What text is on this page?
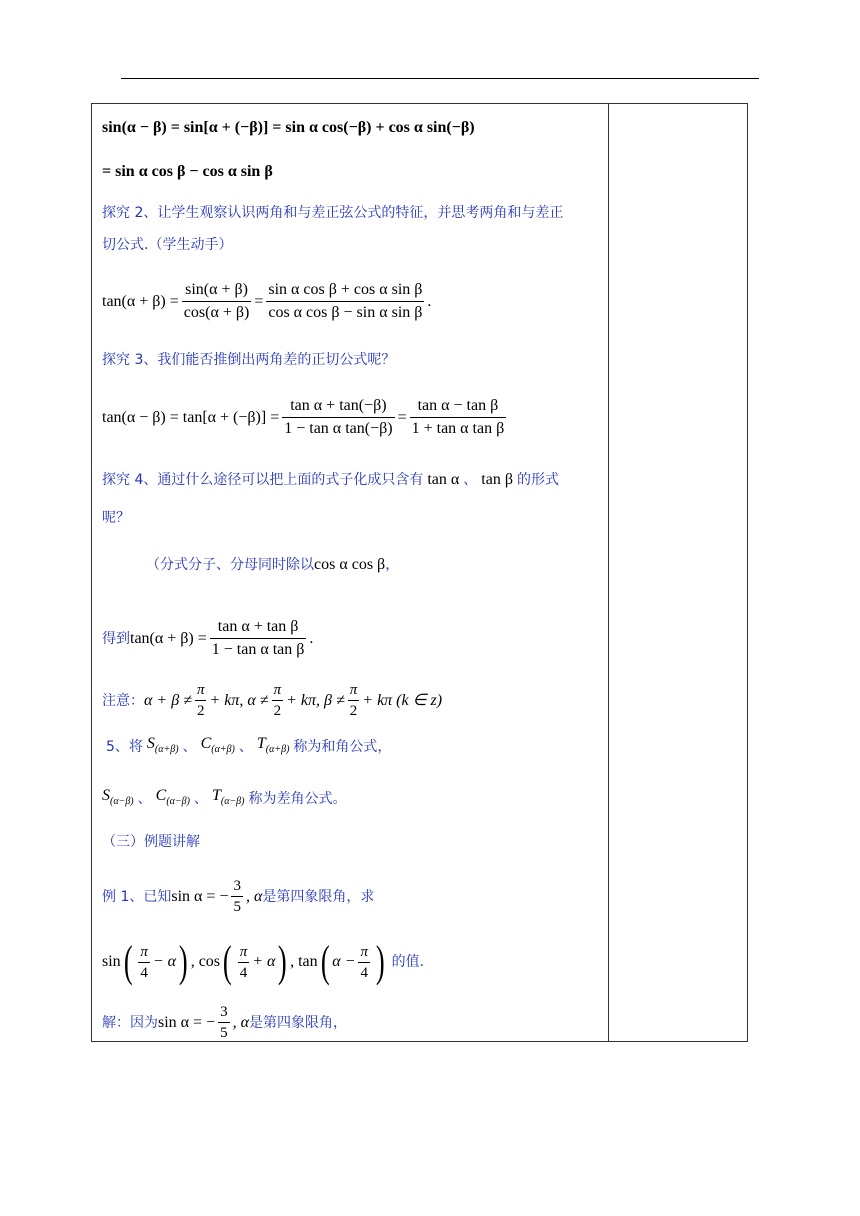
sin(α − β) = sin[α + (−β)] = sin α cos(−β) + cos α sin(−β)
= sin α cos β − cos α sin β
探究 2、让学生观察认识两角和与差正弦公式的特征，并思考两角和与差正
切公式.（学生动手）
$\tan(\alpha + \beta) = \frac{\sin(\alpha + \beta)}{\cos(\alpha + \beta)} = \frac{\text{sin α cos β + cos α sin β}}{\text{cos α cos β − sin α sin β}}$ .
探究 3、我们能否推倒出两角差的正切公式呢？
$\tan(\alpha - \beta) = \tan[\alpha + (-\beta)] = \frac{\text{tan α + tan(−β)}}{\text{1 − tan α tan(−β)}} = \frac{\text{tan α − tan β}}{\text{1 + tan α tan β}}$
探究 4、通过什么途径可以把上面的式子化成只含有 tan α 、 tan β 的形式
呢？
（分式分子、分母同时除以 cos α cos β ，
得到 $\tan(\alpha + \beta) = \frac{\text{tan α + tan β}}{\text{1 − tan α tan β}}$ .
注意： $\alpha + \beta \ne \frac{\pi}{2} + k\pi$, $\alpha \ne \frac{\pi}{2} + k\pi$, $\beta \ne \frac{\pi}{2} + k\pi$ (k ∈ z)
5、将 $S_{(\alpha+\beta)}$ 、 $C_{(\alpha+\beta)}$ 、 $T_{(\alpha+\beta)}$ 称为和角公式，
$S_{(\alpha-\beta)}$ 、 $C_{(\alpha-\beta)}$ 、 $T_{(\alpha-\beta)}$ 称为差角公式。
（三）例题讲解
例 1、已知 sin α = − $\frac{3}{5}$ , α 是第四象限角，求
sin ( $\frac{\pi}{4} - \alpha$ ) , cos ( $\frac{\pi}{4} + \alpha$ ) , tan ( $\alpha - \frac{\pi}{4}$ ) 的值.
解：因为 sin α = − $\frac{3}{5}$ , α 是第四象限角，
